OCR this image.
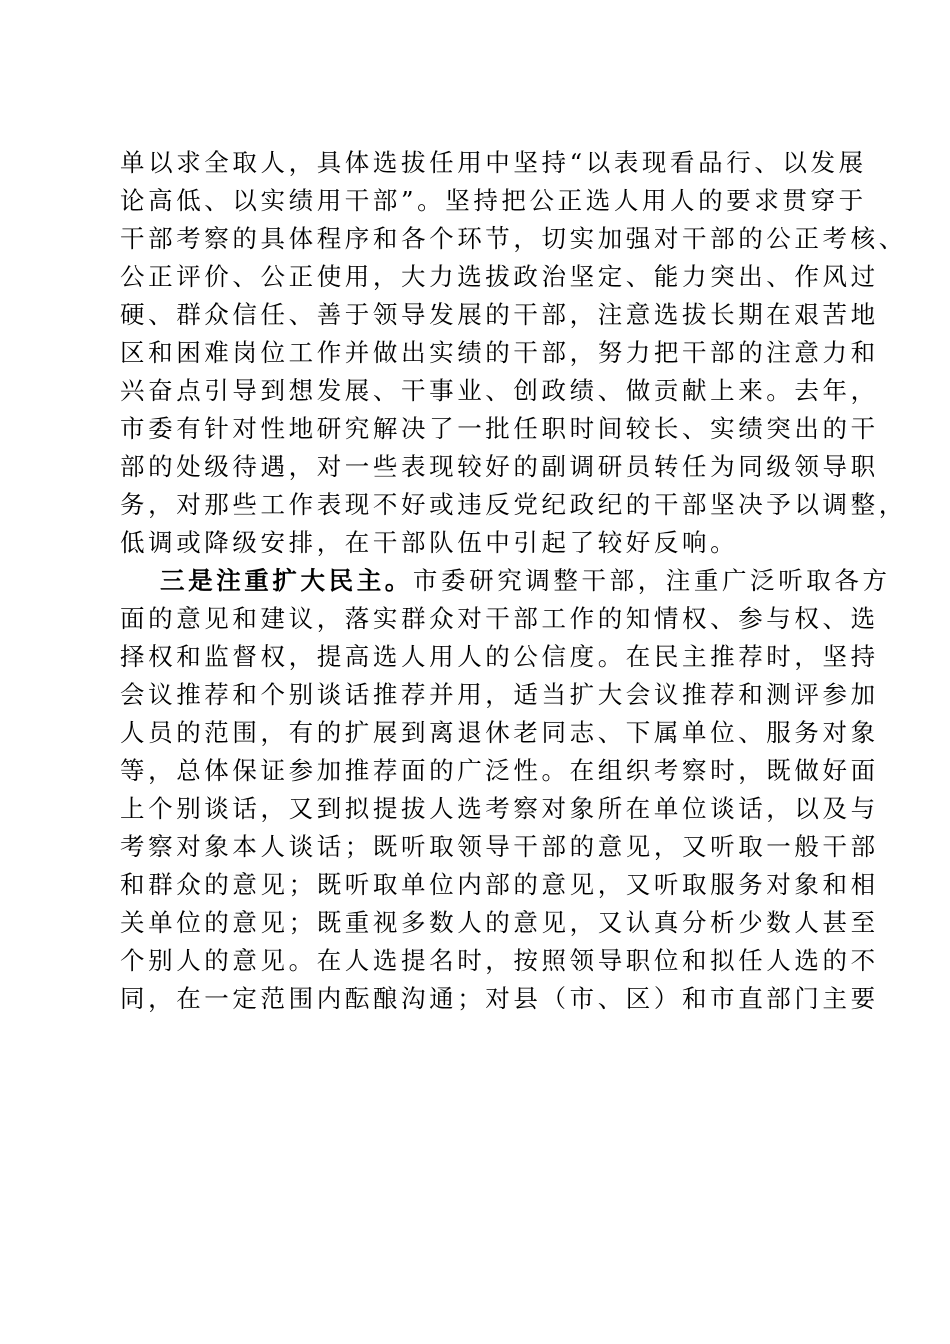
单以求全取人，具体选拔任用中坚持“以表现看品行、以发展
论高低、以实绩用干部”。坚持把公正选人用人的要求贯穿于
干部考察的具体程序和各个环节，切实加强对干部的公正考核、
公正评价、公正使用，大力选拔政治坚定、能力突出、作风过
硬、群众信任、善于领导发展的干部，注意选拔长期在艰苦地
区和困难岗位工作并做出实绩的干部，努力把干部的注意力和
兴奋点引导到想发展、干事业、创政绩、做贡献上来。去年，
市委有针对性地研究解决了一批任职时间较长、实绩突出的干
部的处级待遇，对一些表现较好的副调研员转任为同级领导职
务，对那些工作表现不好或违反党纪政纪的干部坚决予以调整，
低调或降级安排，在干部队伍中引起了较好反响。
三是注重扩大民主。市委研究调整干部，注重广泛听取各方
面的意见和建议，落实群众对干部工作的知情权、参与权、选
择权和监督权，提高选人用人的公信度。在民主推荐时，坚持
会议推荐和个别谈话推荐并用，适当扩大会议推荐和测评参加
人员的范围，有的扩展到离退休老同志、下属单位、服务对象
等，总体保证参加推荐面的广泛性。在组织考察时，既做好面
上个别谈话，又到拟提拔人选考察对象所在单位谈话，以及与
考察对象本人谈话；既听取领导干部的意见，又听取一般干部
和群众的意见；既听取单位内部的意见，又听取服务对象和相
关单位的意见；既重视多数人的意见，又认真分析少数人甚至
个别人的意见。在人选提名时，按照领导职位和拟任人选的不
同，在一定范围内酝酿沟通；对县（市、区）和市直部门主要
